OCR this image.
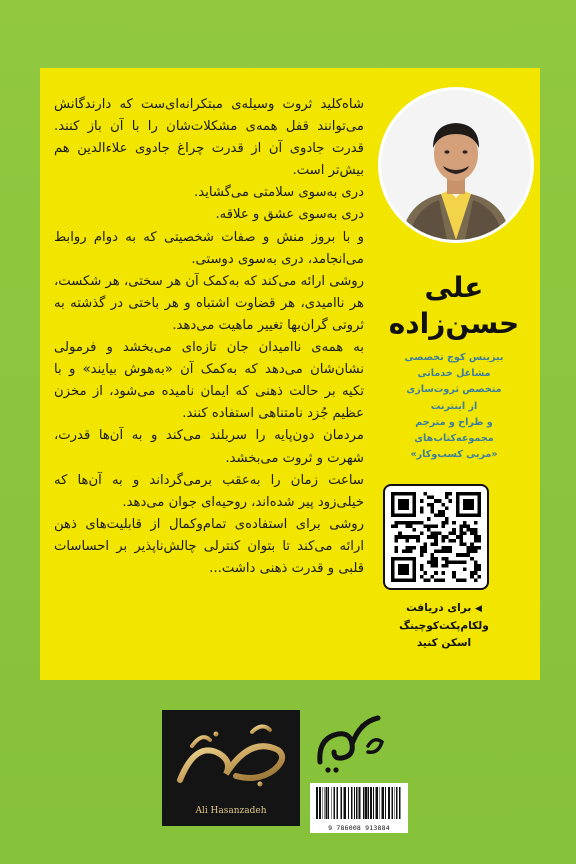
شاه‌کلید ثروت وسیله‌ی مبتکرانه‌ای‌ست که دارندگانش می‌توانند قفل همه‌ی مشکلات‌شان را با آن باز کنند. قدرت جادوی آن از قدرت چراغ جادوی علاءالدین هم بیش‌تر است.

دری به‌سوی سلامتی می‌گشاید.

دری به‌سوی عشق و علاقه.

و با بروز منش و صفات شخصیتی که به دوام روابط می‌انجامد، دری به‌سوی دوستی.

روشی ارائه می‌کند که به‌کمک آن هر سختی، هر شکست، هر ناامیدی، هر قضاوت اشتباه و هر باختی در گذشته به ثروتی گران‌بها تغییر ماهیت می‌دهد.

به همه‌ی ناامیدان جان تازه‌ای می‌بخشد و فرمولی نشان‌شان می‌دهد که به‌کمک آن «به‌هوش بیایند» و با تکیه بر حالت ذهنی که ایمان نامیده می‌شود، از مخزن عظیم جُزد نامتناهی استفاده کنند.

مردمان دون‌پایه را سربلند می‌کند و به آن‌ها قدرت، شهرت و ثروت می‌بخشد.

ساعت زمان را به‌عقب برمی‌گرداند و به آن‌ها که خیلی‌زود پیر شده‌اند، روحیه‌ای جوان می‌دهد.

روشی برای استفاده‌ی تمام‌وکمال از قابلیت‌های ذهن ارائه می‌کند تا بتوان کنترلی چالش‌ناپذیر بر احساسات قلبی و قدرت ذهنی داشت...

علی
حسن‌زاده
بیزینس کوچ تخصصی
مشاغل خدماتی
متخصص ثروت‌سازی
از اینترنت
و طراح و مترجم
مجموعه‌کتاب‌های
«مربی کسب‌وکار»
◀ برای دریافت
ولکام‌پکت‌کوچینگ
اسکن کنید
Ali Hasanzadeh
9 786008 913884
